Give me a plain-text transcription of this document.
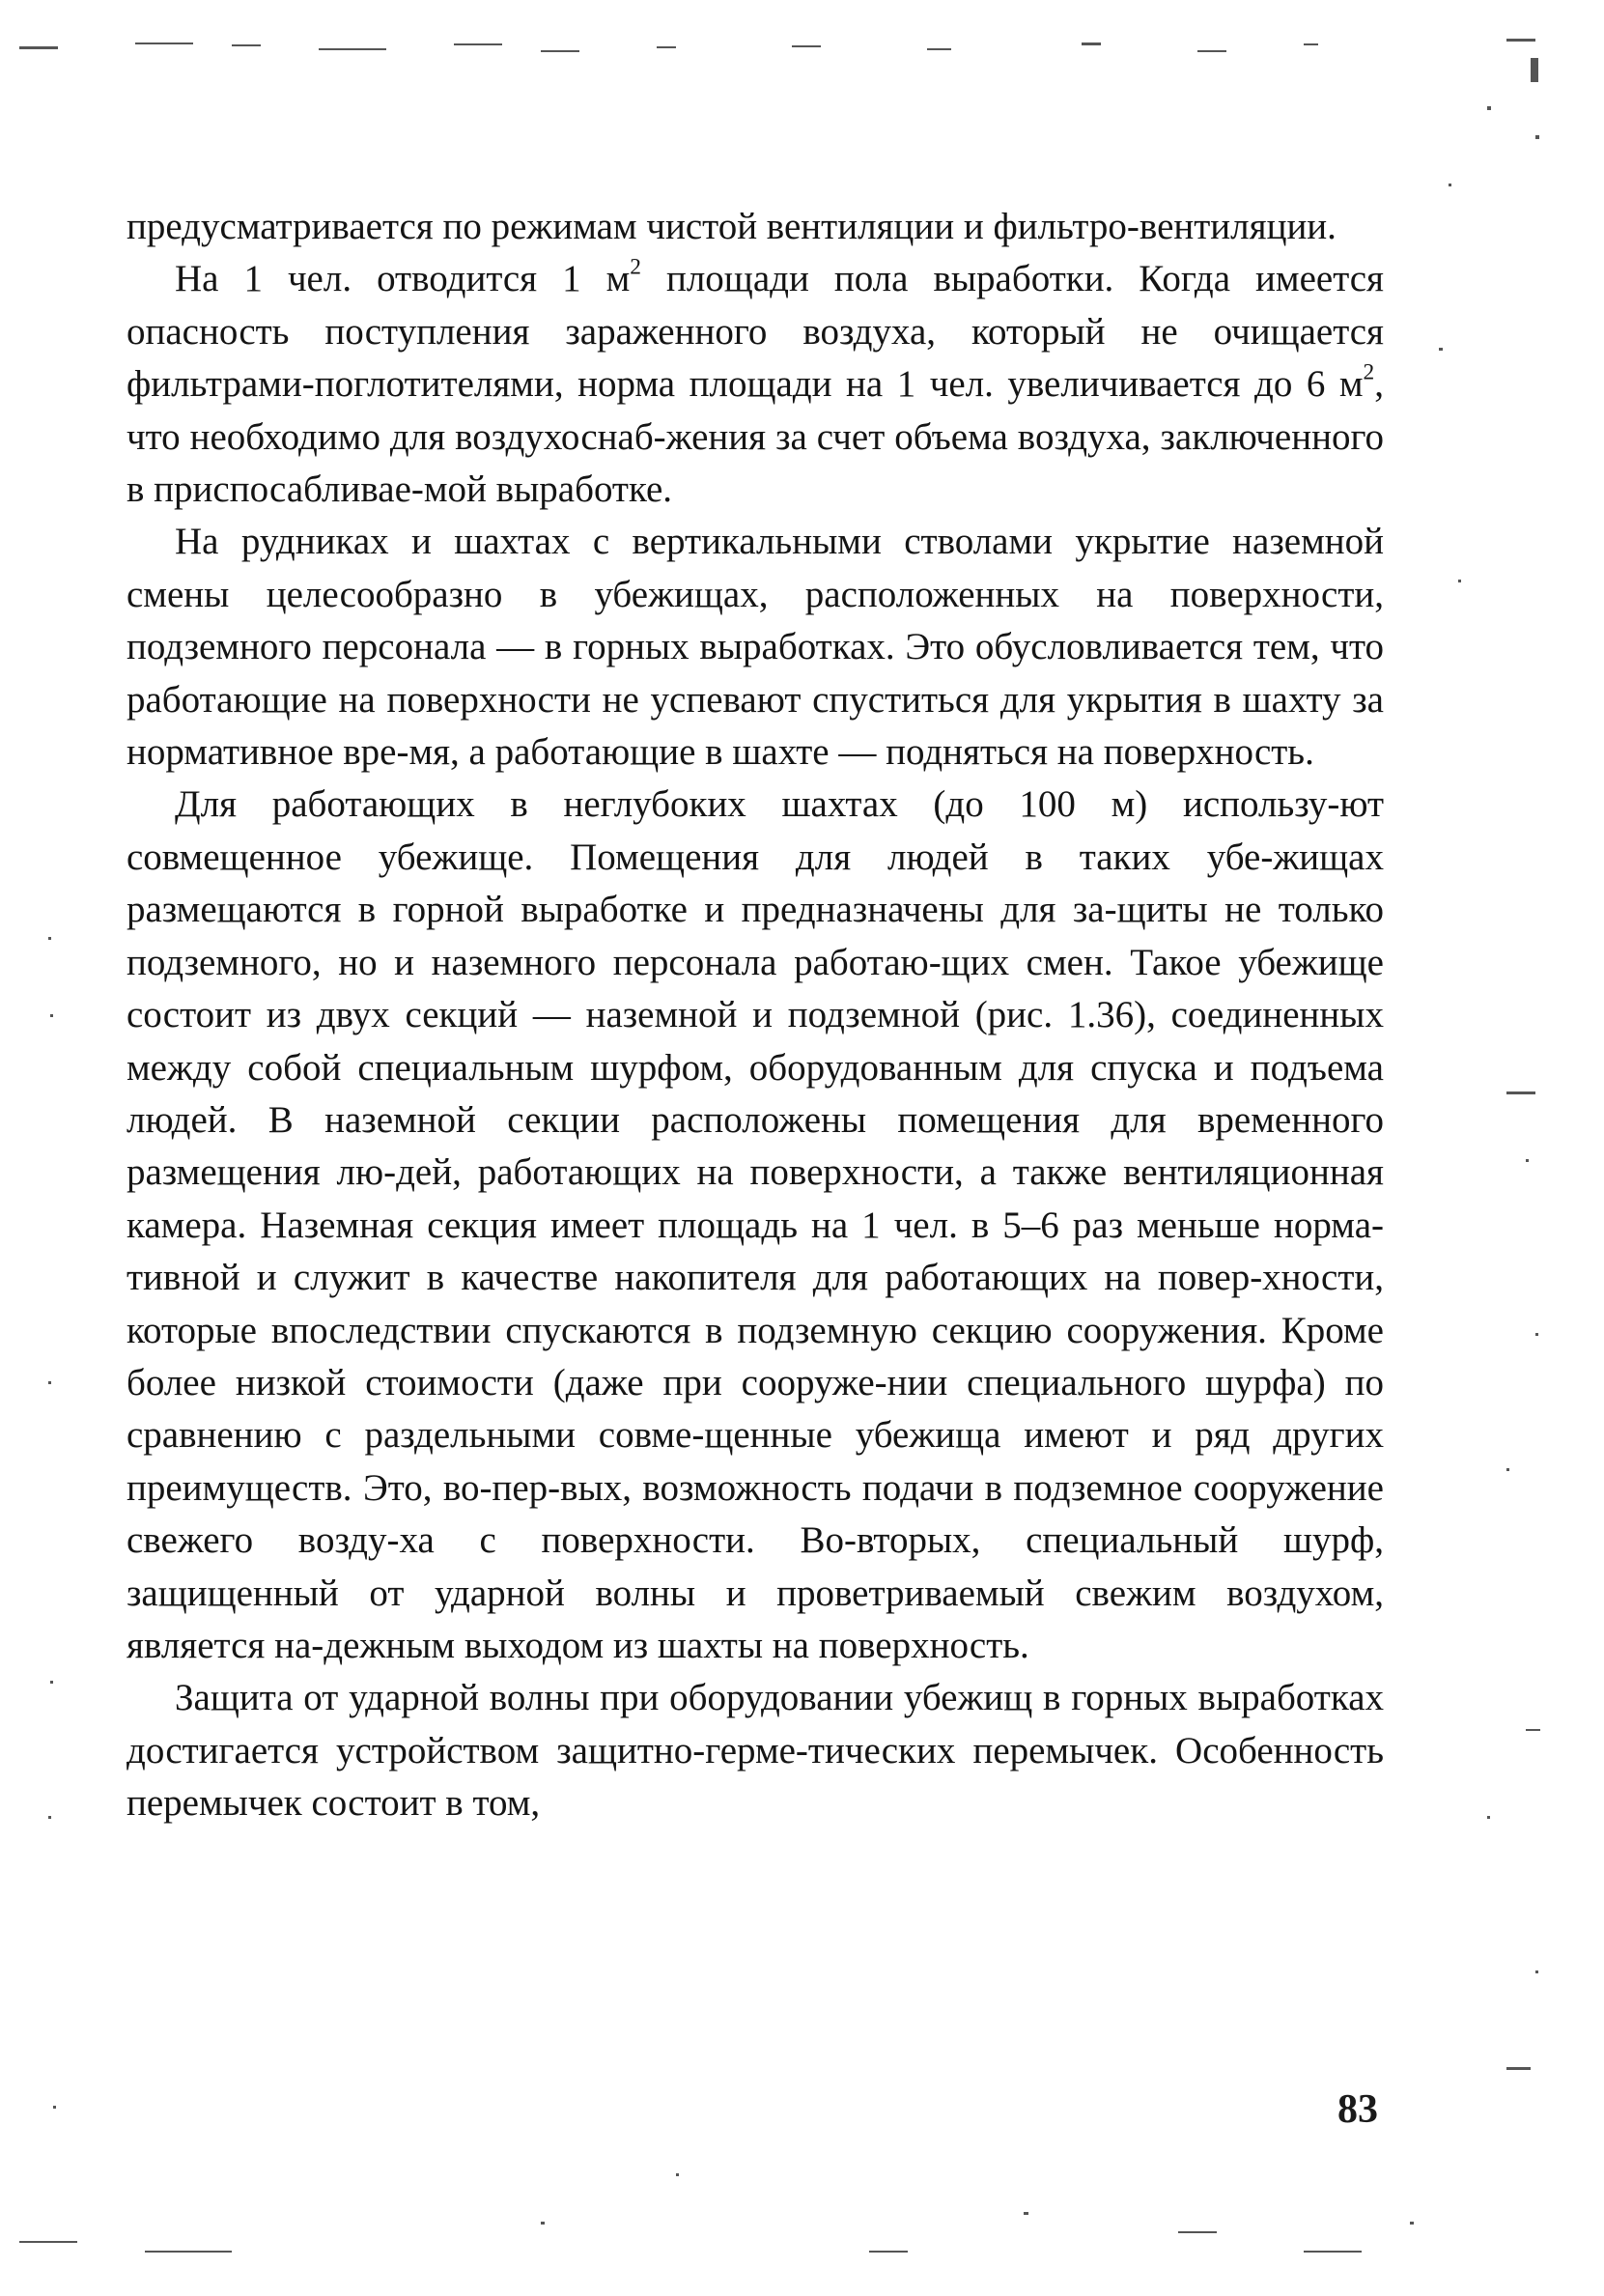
предусматривается по режимам чистой вентиляции и фильтро-вентиляции.

На 1 чел. отводится 1 $м^2$ площади пола выработки. Когда имеется опасность поступления зараженного воздуха, который не очищается фильтрами-поглотителями, норма площади на 1 чел. увеличивается до 6 $м^2$, что необходимо для воздухоснаб-жения за счет объема воздуха, заключенного в приспосабливае-мой выработке.

На рудниках и шахтах с вертикальными стволами укрытие наземной смены целесообразно в убежищах, расположенных на поверхности, подземного персонала — в горных выработках. Это обусловливается тем, что работающие на поверхности не успевают спуститься для укрытия в шахту за нормативное вре-мя, а работающие в шахте — подняться на поверхность.

Для работающих в неглубоких шахтах (до 100 м) использу-ют совмещенное убежище. Помещения для людей в таких убе-жищах размещаются в горной выработке и предназначены для за-щиты не только подземного, но и наземного персонала работаю-щих смен. Такое убежище состоит из двух секций — наземной и подземной (рис. 1.36), соединенных между собой специальным шурфом, оборудованным для спуска и подъема людей. В наземной секции расположены помещения для временного размещения лю-дей, работающих на поверхности, а также вентиляционная камера. Наземная секция имеет площадь на 1 чел. в 5–6 раз меньше норма-тивной и служит в качестве накопителя для работающих на повер-хности, которые впоследствии спускаются в подземную секцию сооружения. Кроме более низкой стоимости (даже при сооруже-нии специального шурфа) по сравнению с раздельными совме-щенные убежища имеют и ряд других преимуществ. Это, во-пер-вых, возможность подачи в подземное сооружение свежего возду-ха с поверхности. Во-вторых, специальный шурф, защищенный от ударной волны и проветриваемый свежим воздухом, является на-дежным выходом из шахты на поверхность.

Защита от ударной волны при оборудовании убежищ в горных выработках достигается устройством защитно-герме-тических перемычек. Особенность перемычек состоит в том,

83
